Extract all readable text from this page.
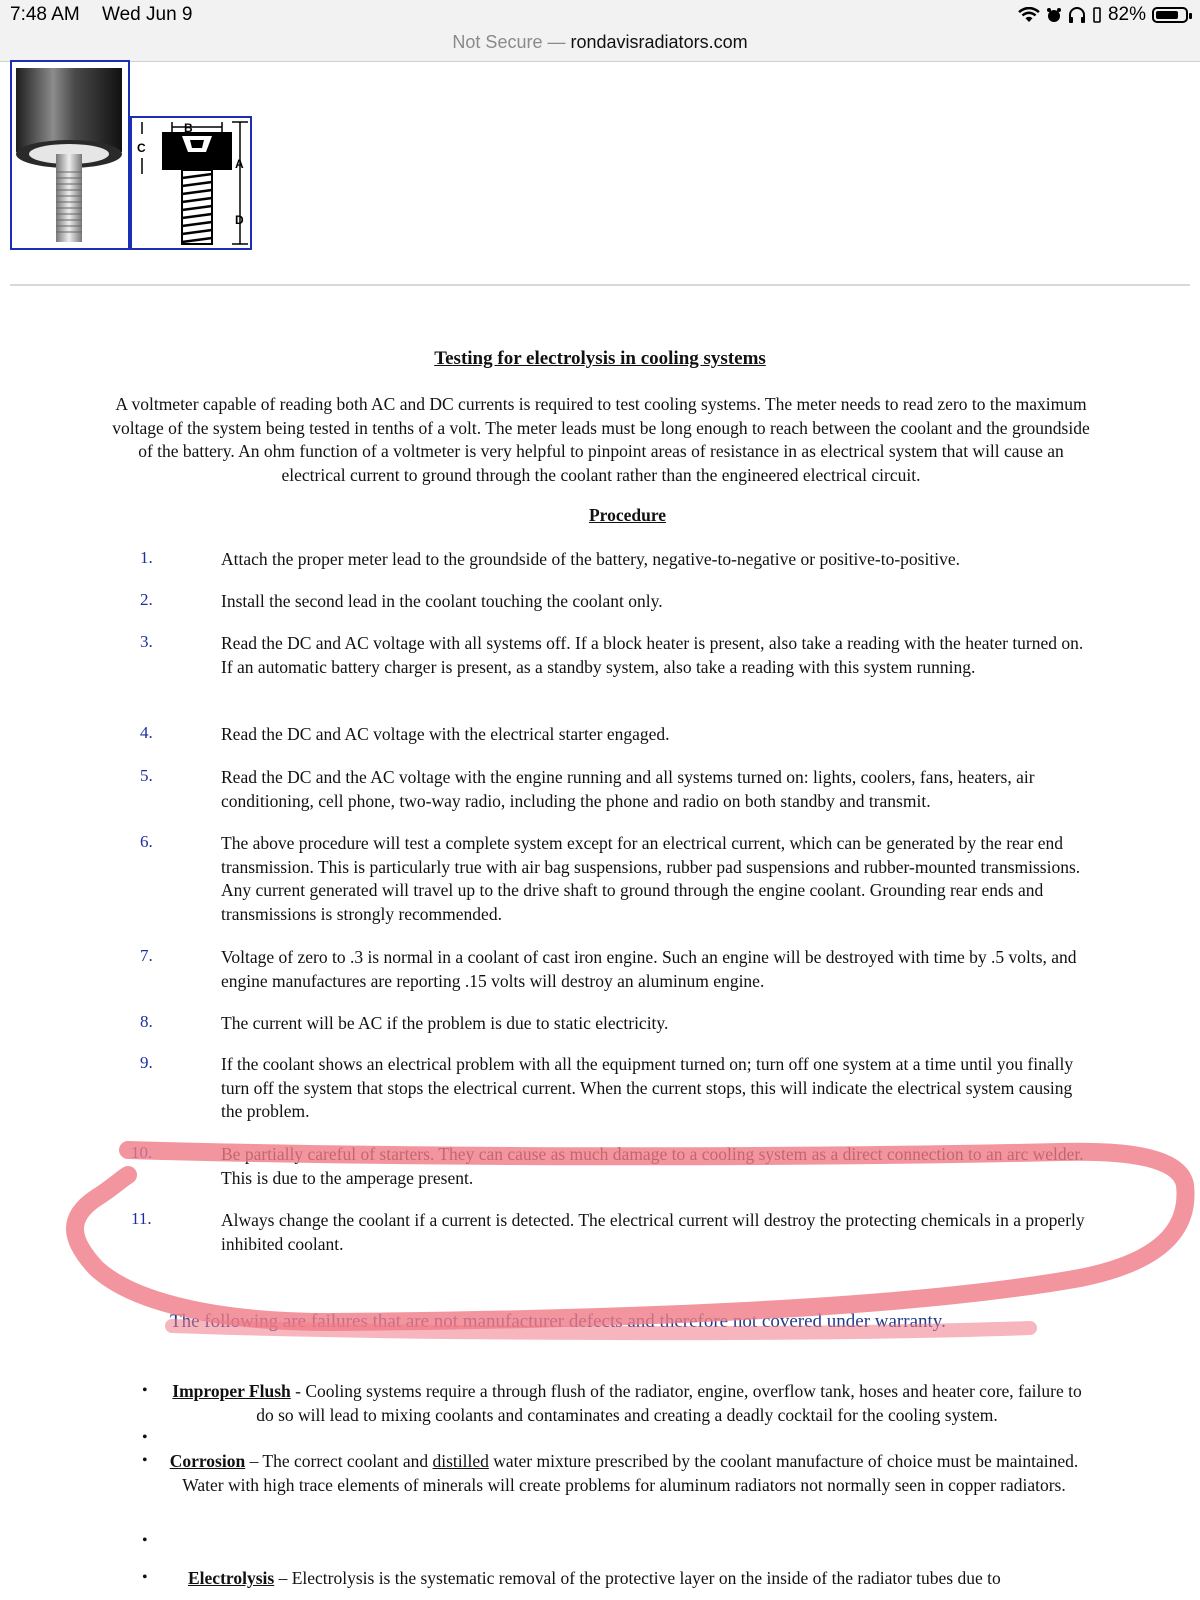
7:48 AM Wed Jun 9	82%
Not Secure — rondavisradiators.com
B
C
A
D
Testing for electrolysis in cooling systems
A voltmeter capable of reading both AC and DC currents is required to test cooling systems. The meter needs to read zero to the maximum voltage of the system being tested in tenths of a volt. The meter leads must be long enough to reach between the coolant and the groundside of the battery. An ohm function of a voltmeter is very helpful to pinpoint areas of resistance in as electrical system that will cause an electrical current to ground through the coolant rather than the engineered electrical circuit.
Procedure
1.	Attach the proper meter lead to the groundside of the battery, negative-to-negative or positive-to-positive.
2.	Install the second lead in the coolant touching the coolant only.
3.	Read the DC and AC voltage with all systems off. If a block heater is present, also take a reading with the heater turned on. If an automatic battery charger is present, as a standby system, also take a reading with this system running.
4.	Read the DC and AC voltage with the electrical starter engaged.
5.	Read the DC and the AC voltage with the engine running and all systems turned on: lights, coolers, fans, heaters, air conditioning, cell phone, two-way radio, including the phone and radio on both standby and transmit.
6.	The above procedure will test a complete system except for an electrical current, which can be generated by the rear end transmission. This is particularly true with air bag suspensions, rubber pad suspensions and rubber-mounted transmissions. Any current generated will travel up to the drive shaft to ground through the engine coolant. Grounding rear ends and transmissions is strongly recommended.
7.	Voltage of zero to .3 is normal in a coolant of cast iron engine. Such an engine will be destroyed with time by .5 volts, and engine manufactures are reporting .15 volts will destroy an aluminum engine.
8.	The current will be AC if the problem is due to static electricity.
9.	If the coolant shows an electrical problem with all the equipment turned on; turn off one system at a time until you finally turn off the system that stops the electrical current. When the current stops, this will indicate the electrical system causing the problem.
10.	Be partially careful of starters. They can cause as much damage to a cooling system as a direct connection to an arc welder. This is due to the amperage present.
11.	Always change the coolant if a current is detected. The electrical current will destroy the protecting chemicals in a properly inhibited coolant.
The following are failures that are not manufacturer defects and therefore not covered under warranty.
• Improper Flush - Cooling systems require a through flush of the radiator, engine, overflow tank, hoses and heater core, failure to do so will lead to mixing coolants and contaminates and creating a deadly cocktail for the cooling system.
•
• Corrosion – The correct coolant and distilled water mixture prescribed by the coolant manufacture of choice must be maintained. Water with high trace elements of minerals will create problems for aluminum radiators not normally seen in copper radiators.
•
• Electrolysis – Electrolysis is the systematic removal of the protective layer on the inside of the radiator tubes due to
